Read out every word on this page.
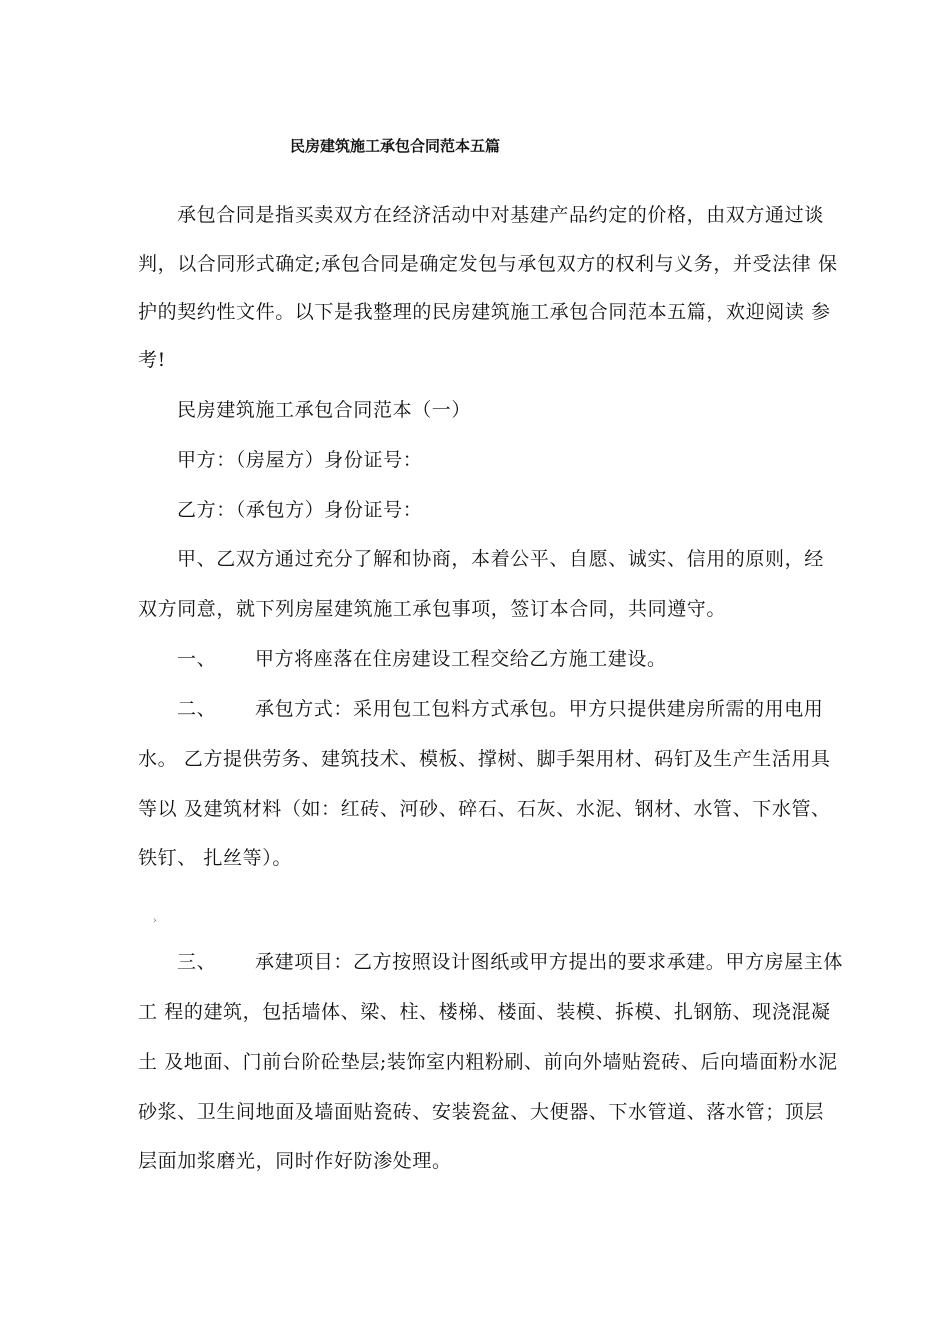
民房建筑施工承包合同范本五篇
承包合同是指买卖双方在经济活动中对基建产品约定的价格，由双方通过谈
判，以合同形式确定;承包合同是确定发包与承包双方的权利与义务，并受法律 保
护的契约性文件。以下是我整理的民房建筑施工承包合同范本五篇，欢迎阅读 参
考!
民房建筑施工承包合同范本（一）
甲方：（房屋方）身份证号：
乙方：（承包方）身份证号：
甲、乙双方通过充分了解和协商，本着公平、自愿、诚实、信用的原则，经
双方同意，就下列房屋建筑施工承包事项，签订本合同，共同遵守。
一、 甲方将座落在住房建设工程交给乙方施工建设。
二、 承包方式：采用包工包料方式承包。甲方只提供建房所需的用电用
水。 乙方提供劳务、建筑技术、模板、撑树、脚手架用材、码钉及生产生活用具
等以 及建筑材料（如：红砖、河砂、碎石、石灰、水泥、钢材、水管、下水管、
铁钉、 扎丝等）。
›
三、 承建项目：乙方按照设计图纸或甲方提出的要求承建。甲方房屋主体
工 程的建筑，包括墙体、梁、柱、楼梯、楼面、装模、拆模、扎钢筋、现浇混凝
土 及地面、门前台阶砼垫层;装饰室内粗粉刷、前向外墙贴瓷砖、后向墙面粉水泥
砂浆、卫生间地面及墙面贴瓷砖、安装瓷盆、大便器、下水管道、落水管；顶层
层面加浆磨光，同时作好防渗处理。
